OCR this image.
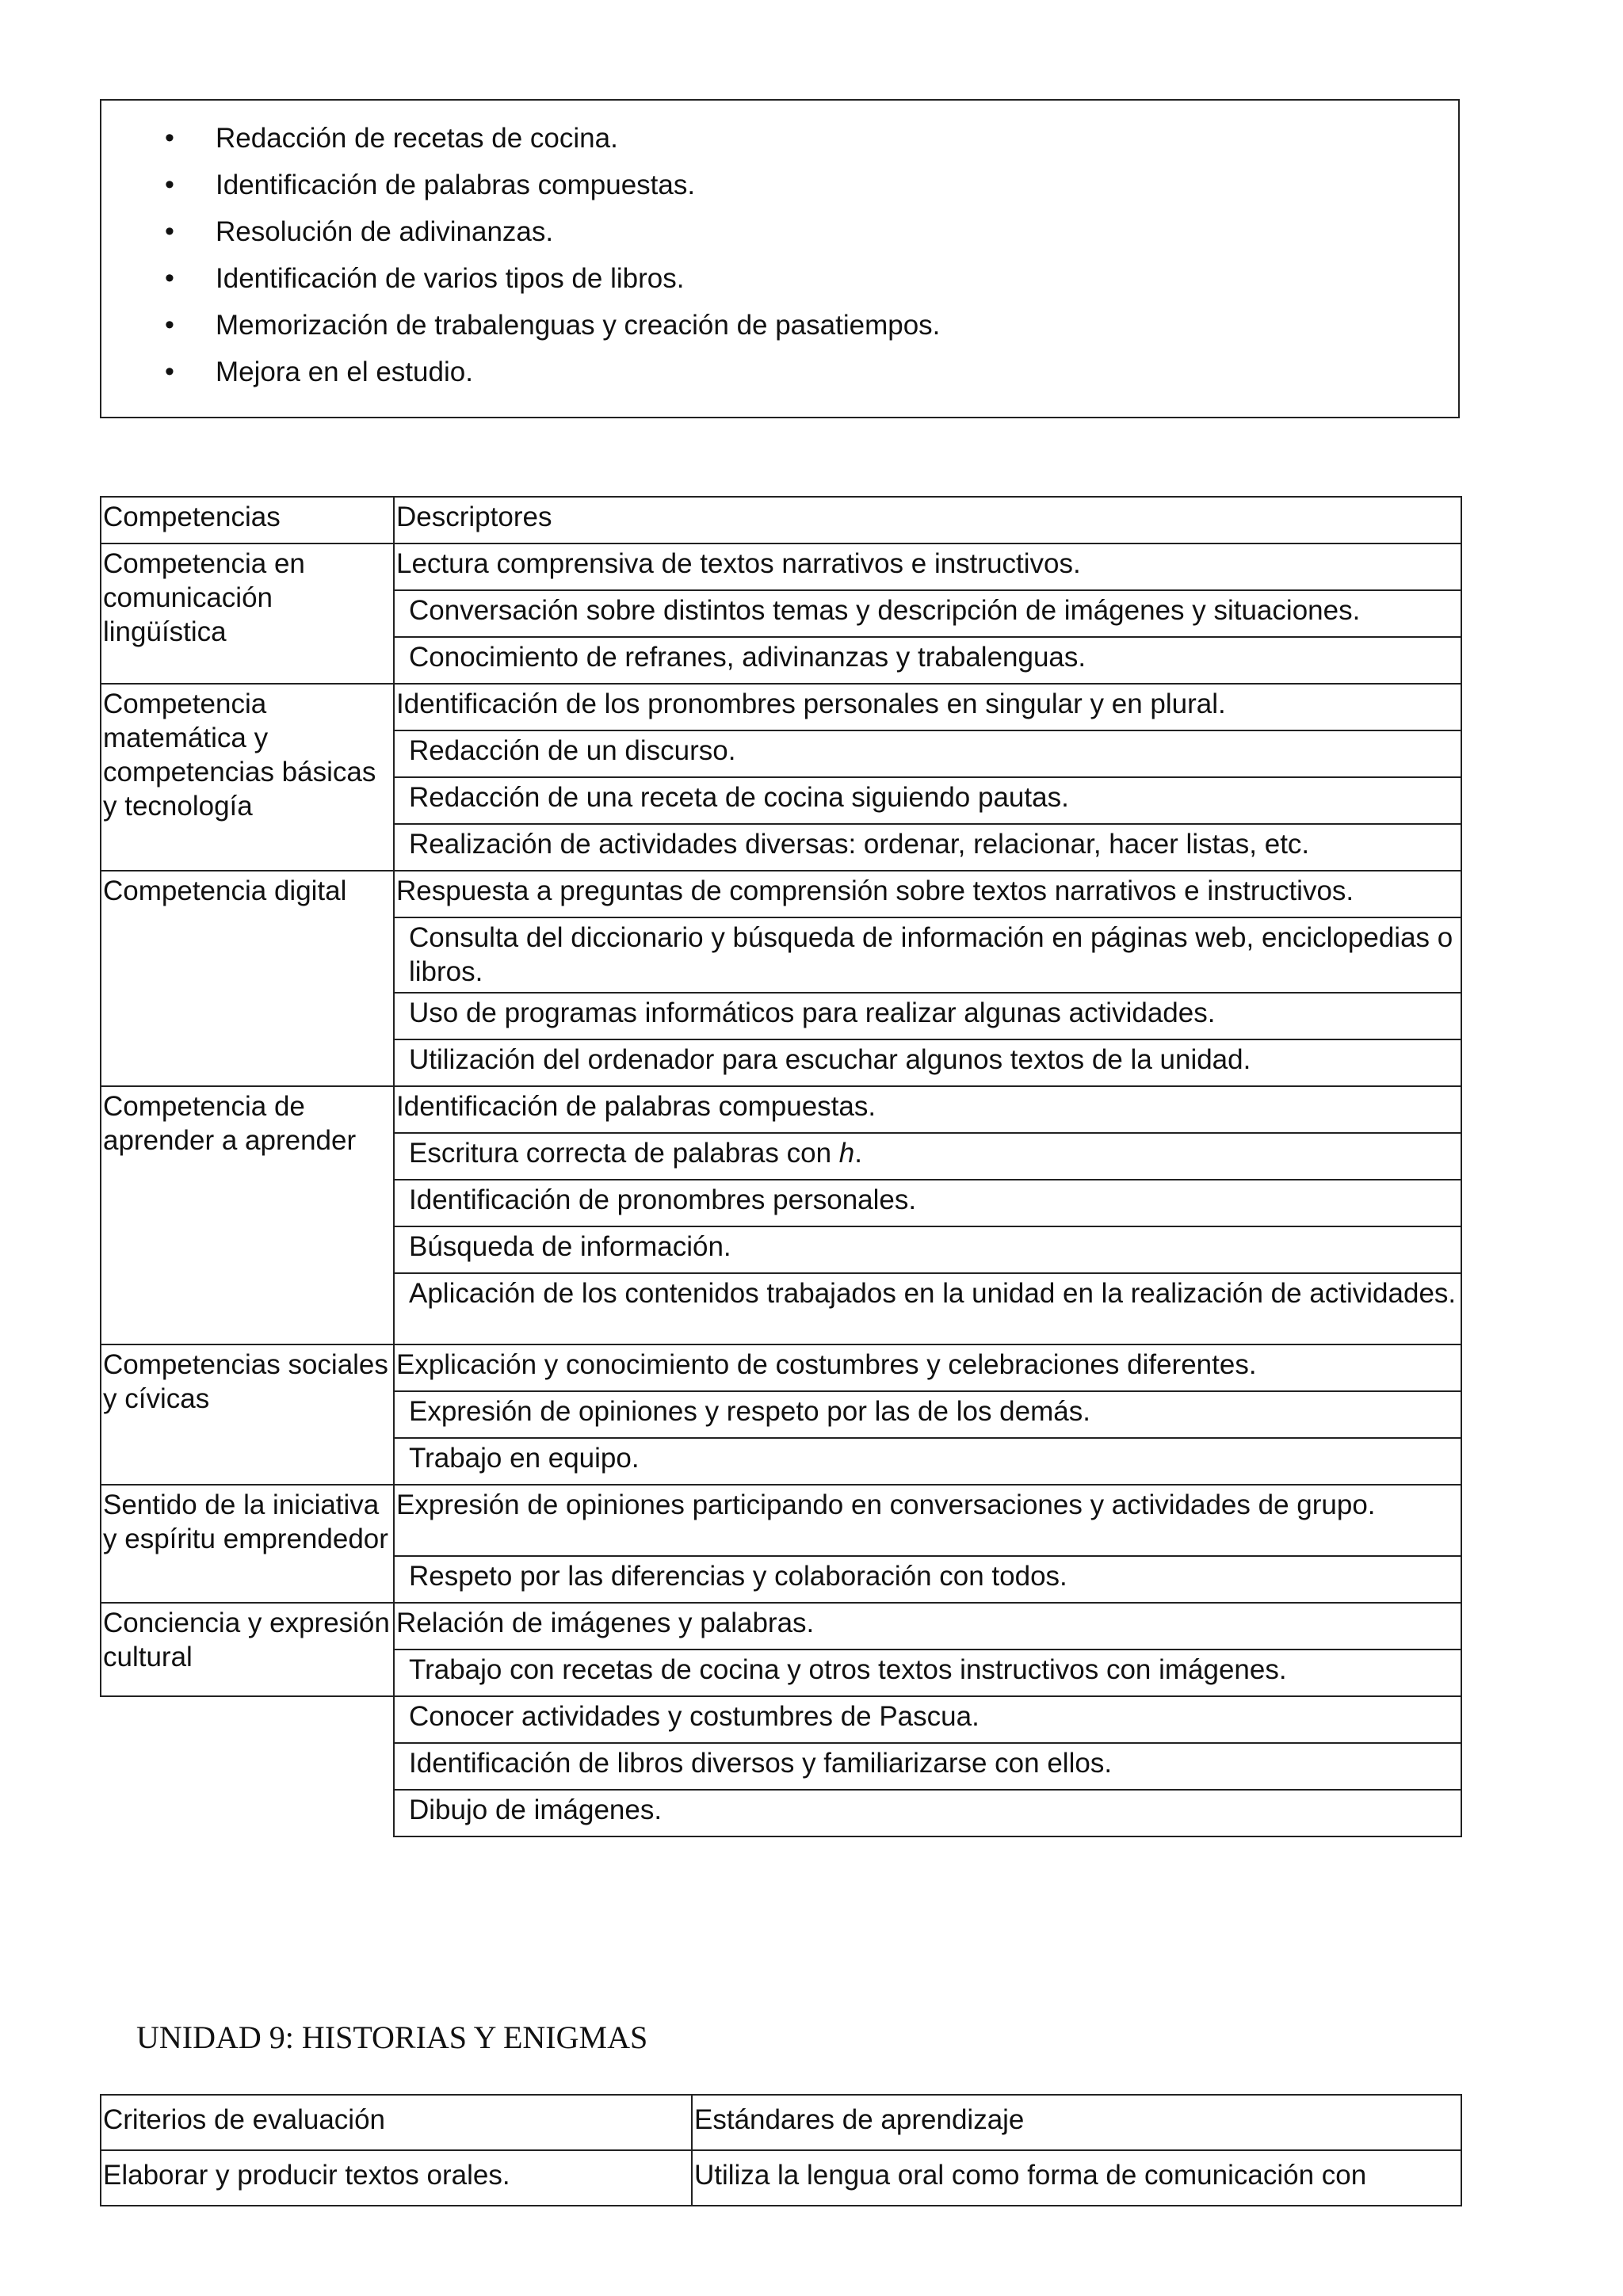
• Redacción de recetas de cocina.
• Identificación de palabras compuestas.
• Resolución de adivinanzas.
• Identificación de varios tipos de libros.
• Memorización de trabalenguas y creación de pasatiempos.
• Mejora en el estudio.
Competencias	Descriptores
Competencia en comunicación lingüística	Lectura comprensiva de textos narrativos e instructivos.
	Conversación sobre distintos temas y descripción de imágenes y situaciones.
	Conocimiento de refranes, adivinanzas y trabalenguas.
Competencia matemática y competencias básicas y tecnología	Identificación de los pronombres personales en singular y en plural.
	Redacción de un discurso.
	Redacción de una receta de cocina siguiendo pautas.
	Realización de actividades diversas: ordenar, relacionar, hacer listas, etc.
Competencia digital	Respuesta a preguntas de comprensión sobre textos narrativos e instructivos.
	Consulta del diccionario y búsqueda de información en páginas web, enciclopedias o libros.
	Uso de programas informáticos para realizar algunas actividades.
	Utilización del ordenador para escuchar algunos textos de la unidad.
Competencia de aprender a aprender	Identificación de palabras compuestas.
	Escritura correcta de palabras con h.
	Identificación de pronombres personales.
	Búsqueda de información.
	Aplicación de los contenidos trabajados en la unidad en la realización de actividades.
Competencias sociales y cívicas	Explicación y conocimiento de costumbres y celebraciones diferentes.
	Expresión de opiniones y respeto por las de los demás.
	Trabajo en equipo.
Sentido de la iniciativa y espíritu emprendedor	Expresión de opiniones participando en conversaciones y actividades de grupo.
	Respeto por las diferencias y colaboración con todos.
Conciencia y expresión cultural	Relación de imágenes y palabras.
	Trabajo con recetas de cocina y otros textos instructivos con imágenes.
	Conocer actividades y costumbres de Pascua.
	Identificación de libros diversos y familiarizarse con ellos.
	Dibujo de imágenes.
UNIDAD 9: HISTORIAS Y ENIGMAS
Criterios de evaluación	Estándares de aprendizaje
Elaborar y producir textos orales.	Utiliza la lengua oral como forma de comunicación con
